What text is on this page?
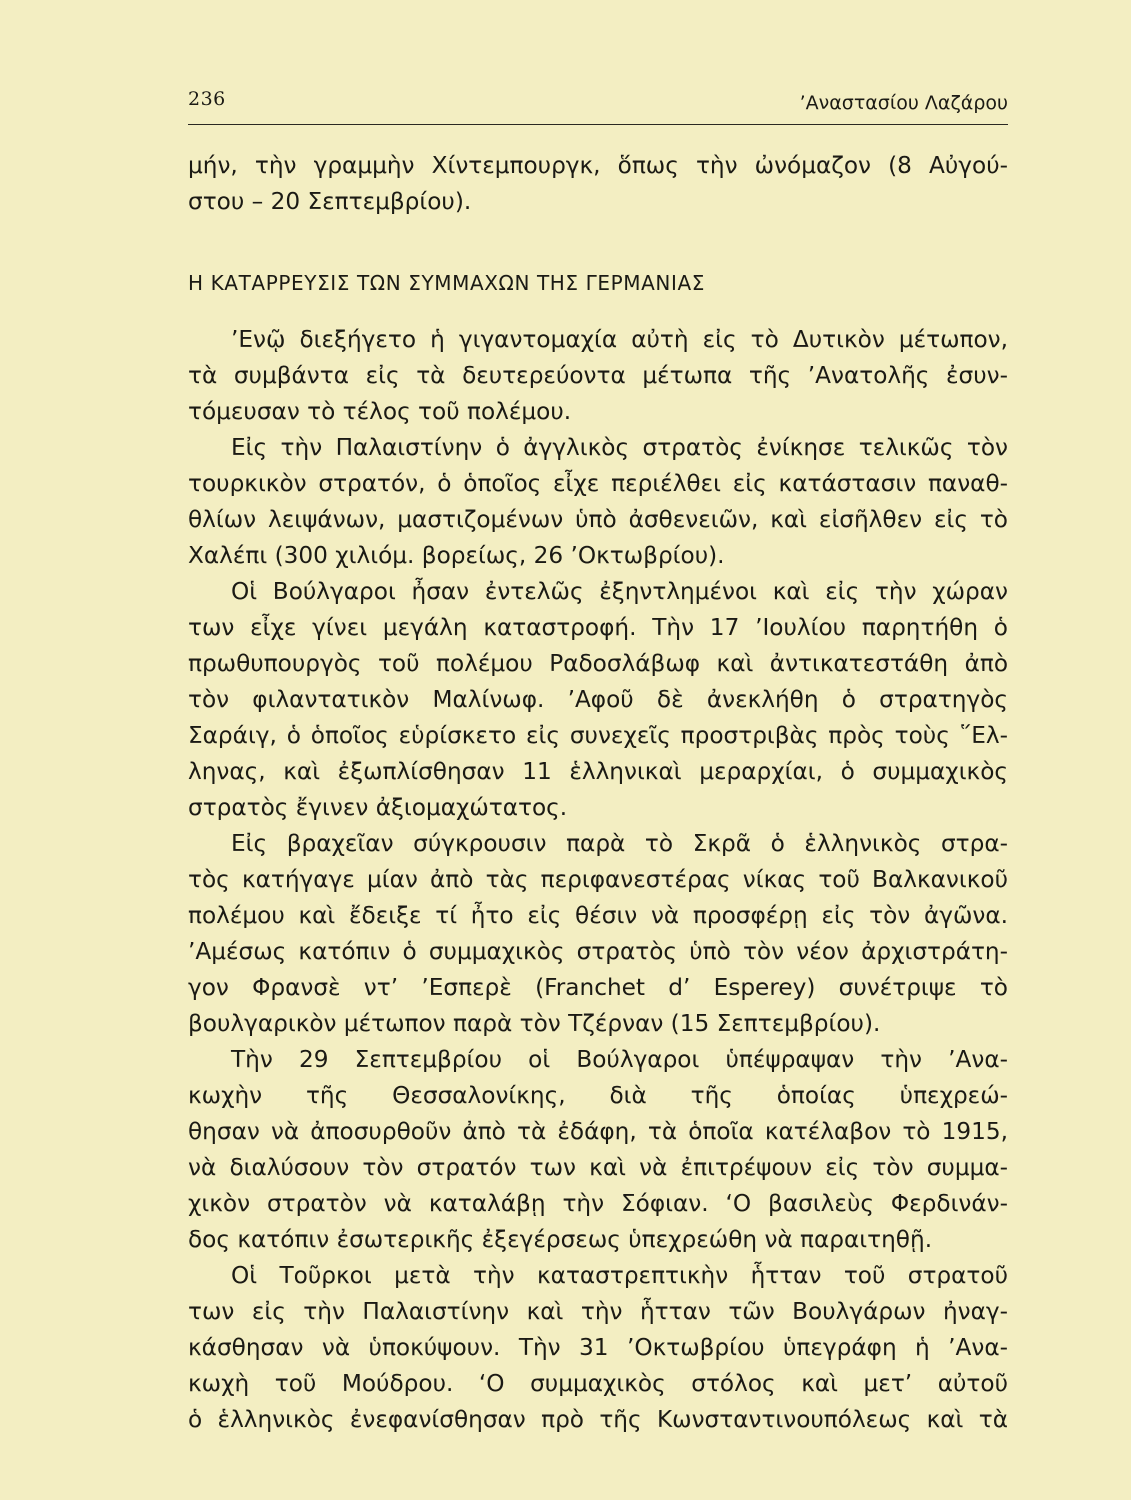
236	’Αναστασίου Λαζάρου
μήν, τὴν γραμμὴν Χίντεμπουργκ, ὅπως τὴν ὠνόμαζον (8 Αὐγού-
στου – 20 Σεπτεμβρίου).
Η ΚΑΤΑΡΡΕΥΣΙΣ ΤΩΝ ΣΥΜΜΑΧΩΝ ΤΗΣ ΓΕΡΜΑΝΙΑΣ
’Ενῷ διεξήγετο ἡ γιγαντομαχία αὐτὴ εἰς τὸ Δυτικὸν μέτωπον,
τὰ συμβάντα εἰς τὰ δευτερεύοντα μέτωπα τῆς ’Ανατολῆς ἐσυν-
τόμευσαν τὸ τέλος τοῦ πολέμου.
Εἰς τὴν Παλαιστίνην ὁ ἀγγλικὸς στρατὸς ἐνίκησε τελικῶς τὸν
τουρκικὸν στρατόν, ὁ ὁποῖος εἶχε περιέλθει εἰς κατάστασιν παναθ-
θλίων λειψάνων, μαστιζομένων ὑπὸ ἀσθενειῶν, καὶ εἰσῆλθεν εἰς τὸ
Χαλέπι (300 χιλιόμ. βορείως, 26 ’Οκτωβρίου).
Οἱ Βούλγαροι ἦσαν ἐντελῶς ἐξηντλημένοι καὶ εἰς τὴν χώραν
των εἶχε γίνει μεγάλη καταστροφή. Τὴν 17 ’Ιουλίου παρητήθη ὁ
πρωθυπουργὸς τοῦ πολέμου Ραδοσλάβωφ καὶ ἀντικατεστάθη ἀπὸ
τὸν φιλαντατικὸν Μαλίνωφ. ’Αφοῦ δὲ ἀνεκλήθη ὁ στρατηγὸς
Σαράιγ, ὁ ὁποῖος εὑρίσκετο εἰς συνεχεῖς προστριβὰς πρὸς τοὺς ῞Ελ-
ληνας, καὶ ἐξωπλίσθησαν 11 ἑλληνικαὶ μεραρχίαι, ὁ συμμαχικὸς
στρατὸς ἔγινεν ἀξιομαχώτατος.
Εἰς βραχεῖαν σύγκρουσιν παρὰ τὸ Σκρᾶ ὁ ἑλληνικὸς στρα-
τὸς κατήγαγε μίαν ἀπὸ τὰς περιφανεστέρας νίκας τοῦ Βαλκανικοῦ
πολέμου καὶ ἔδειξε τί ἦτο εἰς θέσιν νὰ προσφέρῃ εἰς τὸν ἀγῶνα.
’Αμέσως κατόπιν ὁ συμμαχικὸς στρατὸς ὑπὸ τὸν νέον ἀρχιστράτη-
γον Φρανσὲ ντ’ ’Εσπερὲ (Franchet d’ Esperey) συνέτριψε τὸ
βουλγαρικὸν μέτωπον παρὰ τὸν Τζέρναν (15 Σεπτεμβρίου).
Τὴν 29 Σεπτεμβρίου οἱ Βούλγαροι ὑπέψραψαν τὴν ’Ανα-
κωχὴν τῆς Θεσσαλονίκης, διὰ τῆς ὁποίας ὑπεχρεώ-
θησαν νὰ ἀποσυρθοῦν ἀπὸ τὰ ἐδάφη, τὰ ὁποῖα κατέλαβον τὸ 1915,
νὰ διαλύσουν τὸν στρατόν των καὶ νὰ ἐπιτρέψουν εἰς τὸν συμμα-
χικὸν στρατὸν νὰ καταλάβῃ τὴν Σόφιαν. ‘Ο βασιλεὺς Φερδινάν-
δος κατόπιν ἐσωτερικῆς ἐξεγέρσεως ὑπεχρεώθη νὰ παραιτηθῇ.
Οἱ Τοῦρκοι μετὰ τὴν καταστρεπτικὴν ἧτταν τοῦ στρατοῦ
των εἰς τὴν Παλαιστίνην καὶ τὴν ἧτταν τῶν Βουλγάρων ἠναγ-
κάσθησαν νὰ ὑποκύψουν. Τὴν 31 ’Οκτωβρίου ὑπεγράφη ἡ ’Ανα-
κωχὴ τοῦ Μούδρου. ‘Ο συμμαχικὸς στόλος καὶ μετ’ αὐτοῦ
ὁ ἑλληνικὸς ἐνεφανίσθησαν πρὸ τῆς Κωνσταντινουπόλεως καὶ τὰ
